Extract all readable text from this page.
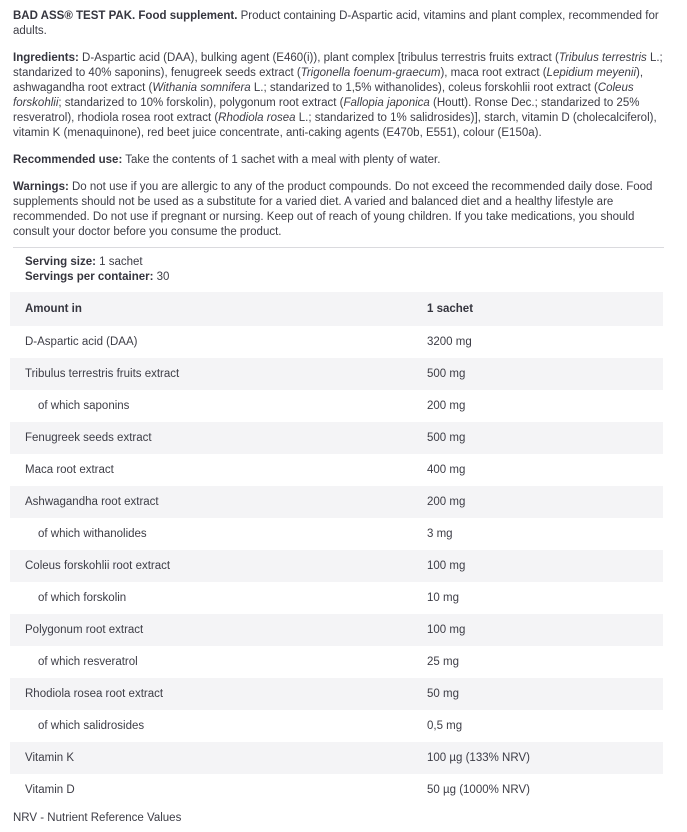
BAD ASS® TEST PAK. Food supplement. Product containing D-Aspartic acid, vitamins and plant complex, recommended for adults.

Ingredients: D-Aspartic acid (DAA), bulking agent (E460(i)), plant complex [tribulus terrestris fruits extract (Tribulus terrestris L.; standarized to 40% saponins), fenugreek seeds extract (Trigonella foenum-graecum), maca root extract (Lepidium meyenii), ashwagandha root extract (Withania somnifera L.; standarized to 1,5% withanolides), coleus forskohlii root extract (Coleus forskohlii; standarized to 10% forskolin), polygonum root extract (Fallopia japonica (Houtt). Ronse Dec.; standarized to 25% resveratrol), rhodiola rosea root extract (Rhodiola rosea L.; standarized to 1% salidrosides)], starch, vitamin D (cholecalciferol), vitamin K (menaquinone), red beet juice concentrate, anti-caking agents (E470b, E551), colour (E150a).

Recommended use: Take the contents of 1 sachet with a meal with plenty of water.

Warnings: Do not use if you are allergic to any of the product compounds. Do not exceed the recommended daily dose. Food supplements should not be used as a substitute for a varied diet. A varied and balanced diet and a healthy lifestyle are recommended. Do not use if pregnant or nursing. Keep out of reach of young children. If you take medications, you should consult your doctor before you consume the product.

Serving size: 1 sachet
Servings per container: 30
Amount in	1 sachet
D-Aspartic acid (DAA)	3200 mg
Tribulus terrestris fruits extract	500 mg
of which saponins	200 mg
Fenugreek seeds extract	500 mg
Maca root extract	400 mg
Ashwagandha root extract	200 mg
of which withanolides	3 mg
Coleus forskohlii root extract	100 mg
of which forskolin	10 mg
Polygonum root extract	100 mg
of which resveratrol	25 mg
Rhodiola rosea root extract	50 mg
of which salidrosides	0,5 mg
Vitamin K	100 µg (133% NRV)
Vitamin D	50 µg (1000% NRV)
NRV - Nutrient Reference Values
